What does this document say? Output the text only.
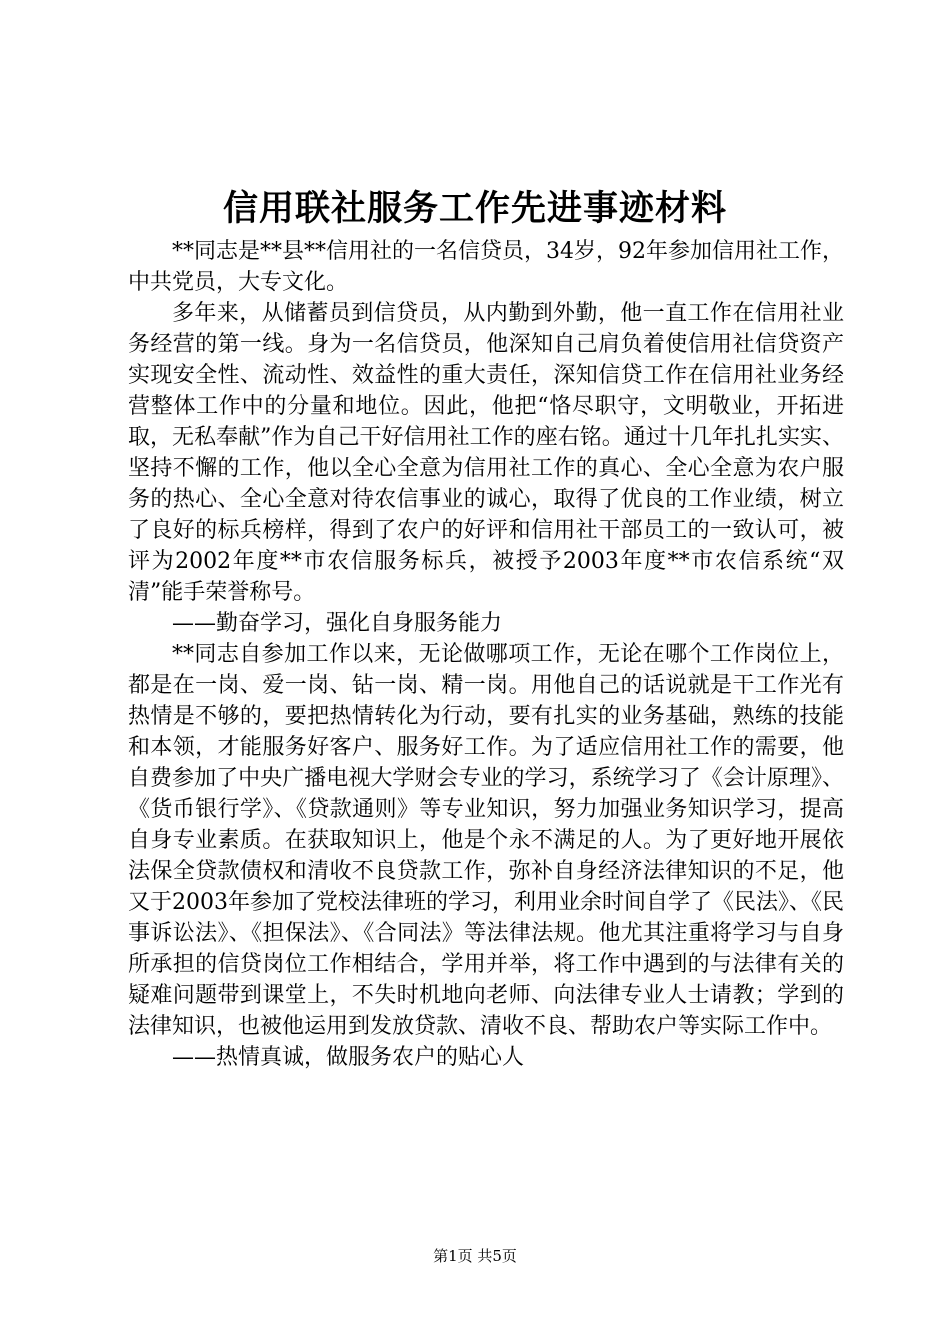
信用联社服务工作先进事迹材料

**同志是**县**信用社的一名信贷员，34岁，92年参加信用社工作，中共党员，大专文化。

多年来，从储蓄员到信贷员，从内勤到外勤，他一直工作在信用社业务经营的第一线。身为一名信贷员，他深知自己肩负着使信用社信贷资产实现安全性、流动性、效益性的重大责任，深知信贷工作在信用社业务经营整体工作中的分量和地位。因此，他把“恪尽职守，文明敬业，开拓进取，无私奉献”作为自己干好信用社工作的座右铭。通过十几年扎扎实实、坚持不懈的工作，他以全心全意为信用社工作的真心、全心全意为农户服务的热心、全心全意对待农信事业的诚心，取得了优良的工作业绩，树立了良好的标兵榜样，得到了农户的好评和信用社干部员工的一致认可，被评为2002年度**市农信服务标兵，被授予2003年度**市农信系统“双清”能手荣誉称号。

——勤奋学习，强化自身服务能力

**同志自参加工作以来，无论做哪项工作，无论在哪个工作岗位上，都是在一岗、爱一岗、钻一岗、精一岗。用他自己的话说就是干工作光有热情是不够的，要把热情转化为行动，要有扎实的业务基础，熟练的技能和本领，才能服务好客户、服务好工作。为了适应信用社工作的需要，他自费参加了中央广播电视大学财会专业的学习，系统学习了《会计原理》、《货币银行学》、《贷款通则》等专业知识，努力加强业务知识学习，提高自身专业素质。在获取知识上，他是个永不满足的人。为了更好地开展依法保全贷款债权和清收不良贷款工作，弥补自身经济法律知识的不足，他又于2003年参加了党校法律班的学习，利用业余时间自学了《民法》、《民事诉讼法》、《担保法》、《合同法》等法律法规。他尤其注重将学习与自身所承担的信贷岗位工作相结合，学用并举，将工作中遇到的与法律有关的疑难问题带到课堂上，不失时机地向老师、向法律专业人士请教；学到的法律知识，也被他运用到发放贷款、清收不良、帮助农户等实际工作中。

——热情真诚，做服务农户的贴心人

第1页 共5页
